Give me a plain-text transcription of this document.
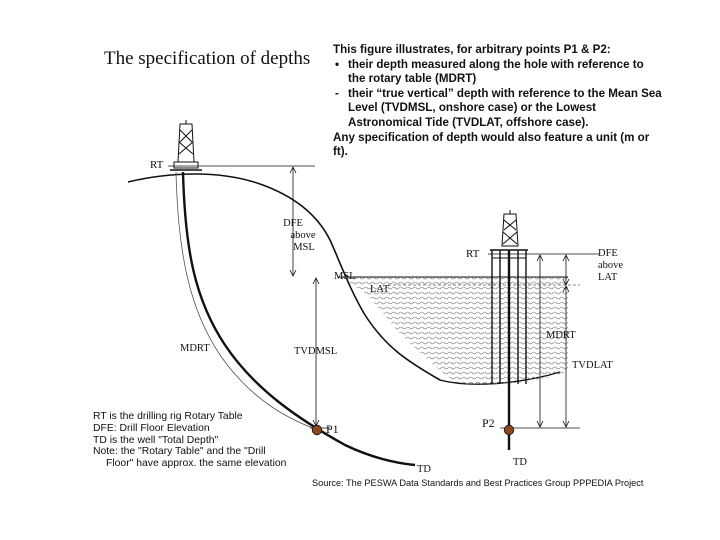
The specification of depths This figure illustrates, for arbitrary points P1 & P2:
• their depth measured along the hole with reference to the rotary table (MDRT)
- their “true vertical” depth with reference to the Mean Sea Level (TVDMSL, onshore case) or the Lowest Astronomical Tide (TVDLAT, offshore case).
Any specification of depth would also feature a unit (m or ft).
RT
DFE
above
MSL
MSL
LAT
RT	DFE
above
LAT
MDRT	TVDMSL
MDRT
TVDLAT
P1	P2
TD
TD
RT is the drilling rig Rotary Table
DFE: Drill Floor Elevation
TD is the well "Total Depth"
Note: the "Rotary Table" and the "Drill
Floor" have approx. the same elevation
Source: The PESWA Data Standards and Best Practices Group PPPEDIA Project
